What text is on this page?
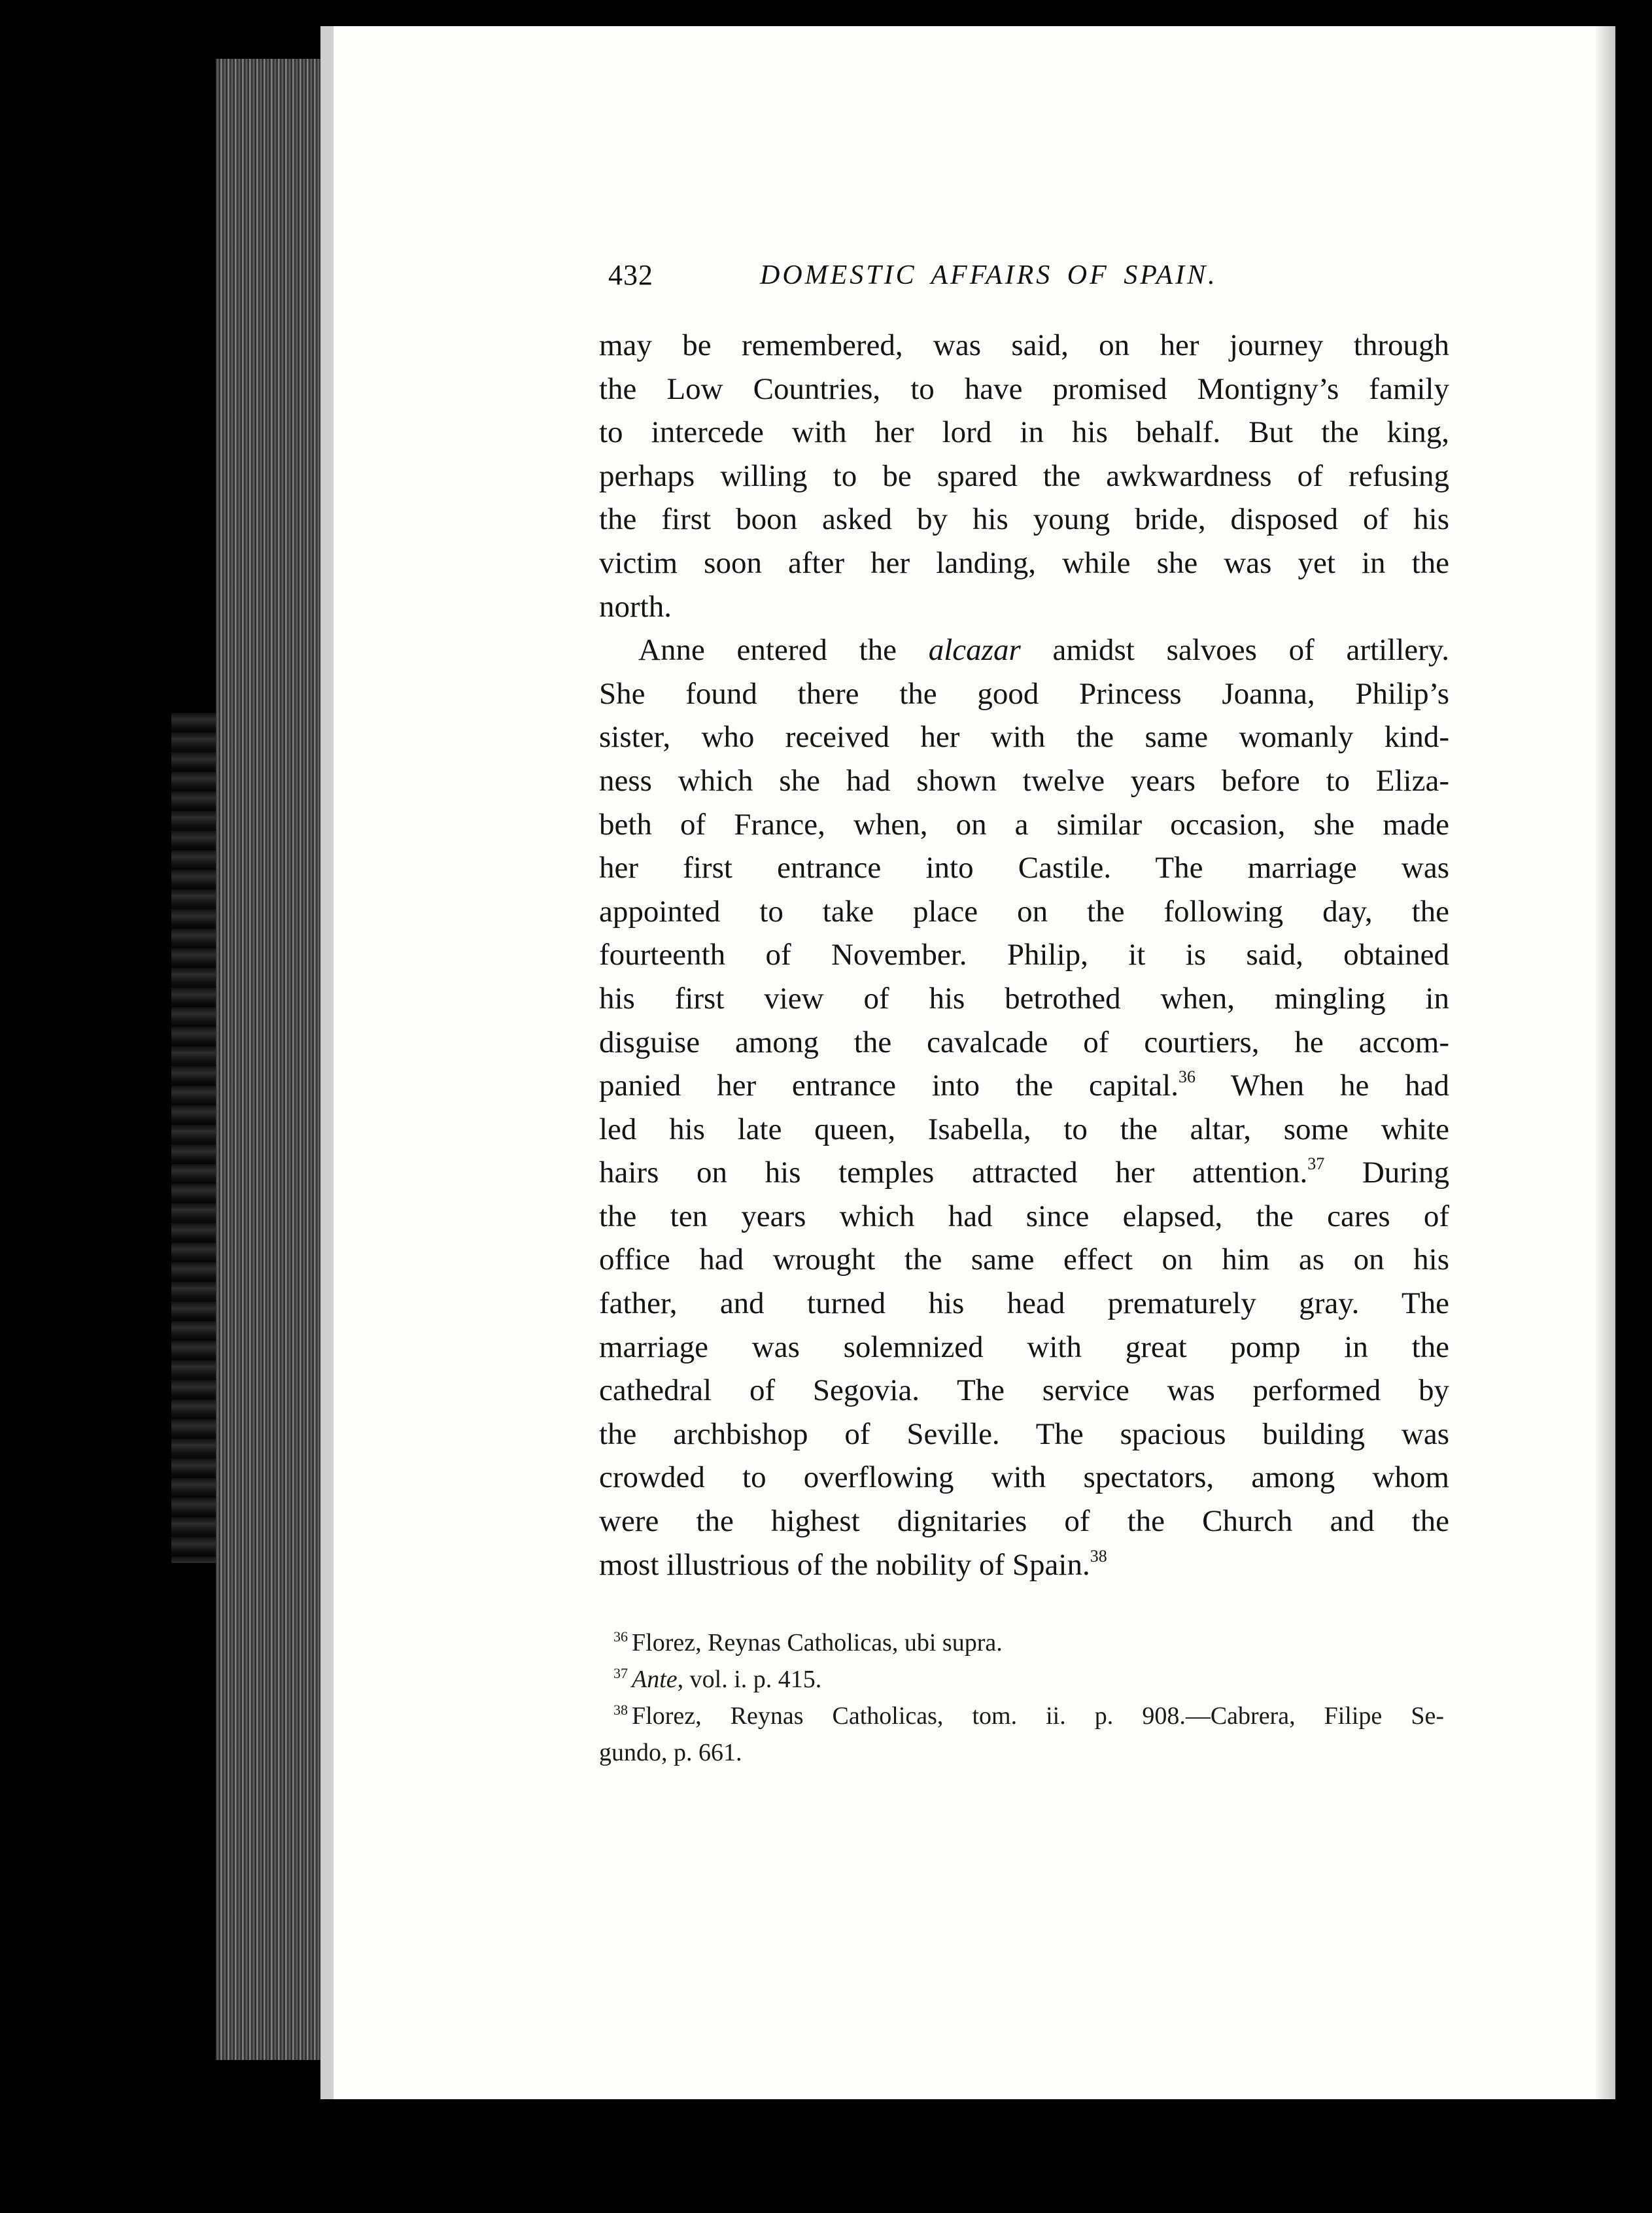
432	DOMESTIC AFFAIRS OF SPAIN.

may be remembered, was said, on her journey through
the Low Countries, to have promised Montigny’s family
to intercede with her lord in his behalf. But the king,
perhaps willing to be spared the awkwardness of refusing
the first boon asked by his young bride, disposed of his
victim soon after her landing, while she was yet in the
north.

Anne entered the alcazar amidst salvoes of artillery.
She found there the good Princess Joanna, Philip’s
sister, who received her with the same womanly kind-
ness which she had shown twelve years before to Eliza-
beth of France, when, on a similar occasion, she made
her first entrance into Castile. The marriage was
appointed to take place on the following day, the
fourteenth of November. Philip, it is said, obtained
his first view of his betrothed when, mingling in
disguise among the cavalcade of courtiers, he accom-
panied her entrance into the capital.$^{36}$ When he had
led his late queen, Isabella, to the altar, some white
hairs on his temples attracted her attention.$^{37}$ During
the ten years which had since elapsed, the cares of
office had wrought the same effect on him as on his
father, and turned his head prematurely gray. The
marriage was solemnized with great pomp in the
cathedral of Segovia. The service was performed by
the archbishop of Seville. The spacious building was
crowded to overflowing with spectators, among whom
were the highest dignitaries of the Church and the
most illustrious of the nobility of Spain.$^{38}$

$^{36}$ Florez, Reynas Catholicas, ubi supra.
$^{37}$ Ante, vol. i. p. 415.
$^{38}$ Florez, Reynas Catholicas, tom. ii. p. 908.—Cabrera, Filipe Se-
gundo, p. 661.
